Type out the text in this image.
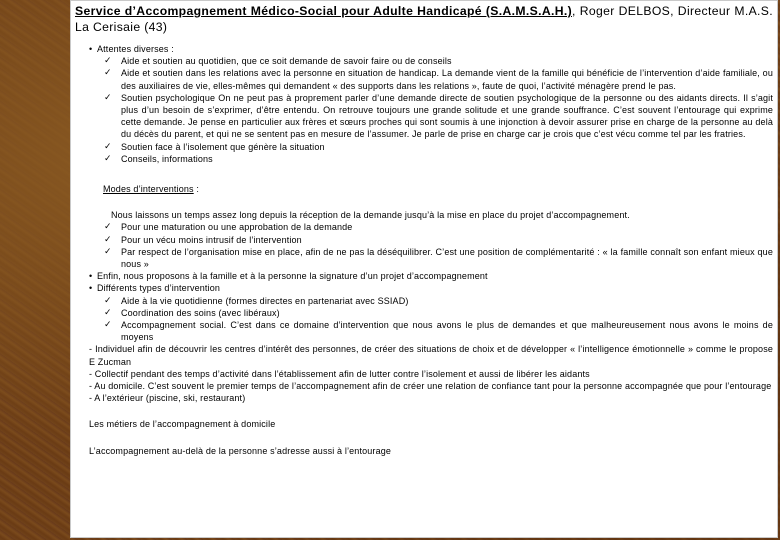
Service d’Accompagnement Médico-Social pour Adulte Handicapé (S.A.M.S.A.H.), Roger DELBOS, Directeur M.A.S. La Cerisaie (43)
• Attentes diverses :
✓ Aide et soutien au quotidien, que ce soit demande de savoir faire ou de conseils
✓ Aide et soutien dans les relations avec la personne en situation de handicap. La demande vient de la famille qui bénéficie de l’intervention d’aide familiale, ou des auxiliaires de vie, elles-mêmes qui demandent « des supports dans les relations », faute de quoi, l’activité ménagère prend le pas.
✓ Soutien psychologique On ne peut pas à proprement parler d’une demande directe de soutien psychologique de la personne ou des aidants directs. Il s’agit plus d’un besoin de s’exprimer, d’être entendu. On retrouve toujours une grande solitude et une grande souffrance. C’est souvent l’entourage qui exprime cette demande. Je pense en particulier aux frères et sœurs proches qui sont soumis à une injonction à devoir assurer prise en charge de la personne au delà du décès du parent, et qui ne se sentent pas en mesure de l’assumer. Je parle de prise en charge car je crois que c’est vécu comme tel par les fratries.
✓ Soutien face à l’isolement que génère la situation
✓ Conseils, informations
Modes d’interventions :
Nous laissons un temps assez long depuis la réception de la demande jusqu’à la mise en place du projet d’accompagnement.
✓ Pour une maturation ou une approbation de la demande
✓ Pour un vécu moins intrusif de l’intervention
✓ Par respect de l’organisation mise en place, afin de ne pas la déséquilibrer. C’est une position de complémentarité : « la famille connaît son enfant mieux que nous »
• Enfin, nous proposons à la famille et à la personne la signature d’un projet d’accompagnement
• Différents types d’intervention
✓ Aide à la vie quotidienne (formes directes en partenariat avec SSIAD)
✓ Coordination des soins (avec libéraux)
✓ Accompagnement social. C’est dans ce domaine d’intervention que nous avons le plus de demandes et que malheureusement nous avons le moins de moyens
- Individuel afin de découvrir les centres d’intérêt des personnes, de créer des situations de choix et de développer « l’intelligence émotionnelle » comme le propose E Zucman
- Collectif pendant des temps d’activité dans l’établissement afin de lutter contre l’isolement et aussi de libérer les aidants
- Au domicile. C’est souvent le premier temps de l’accompagnement afin de créer une relation de confiance tant pour la personne accompagnée que pour l’entourage
- A l’extérieur (piscine, ski, restaurant)
Les métiers de l’accompagnement à domicile
L’accompagnement au-delà de la personne s’adresse aussi à l’entourage
